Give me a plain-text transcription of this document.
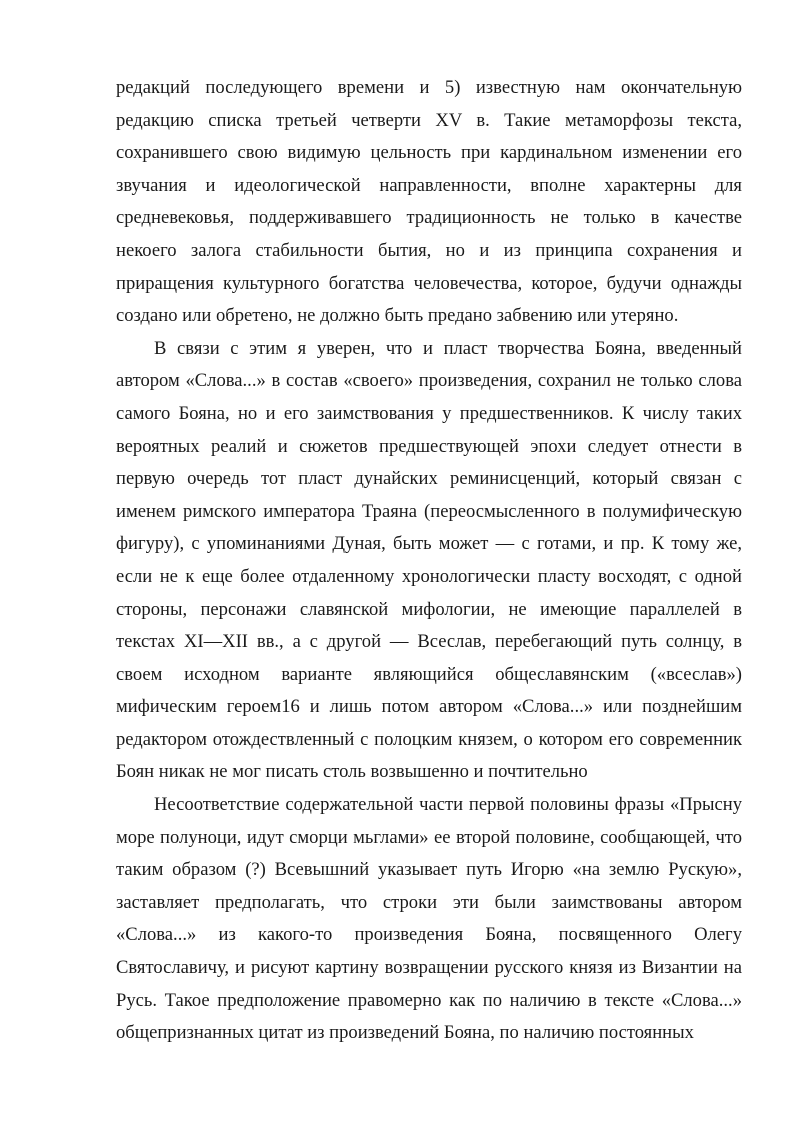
редакций последующего времени и 5) известную нам окончательную редакцию списка третьей четверти XV в. Такие метаморфозы текста, сохранившего свою видимую цельность при кардинальном изменении его звучания и идеологической направленности, вполне характерны для средневековья, поддерживавшего традиционность не только в качестве некоего залога стабильности бытия, но и из принципа сохранения и приращения культурного богатства человечества, которое, будучи однажды создано или обретено, не должно быть предано забвению или утеряно.

В связи с этим я уверен, что и пласт творчества Бояна, введенный автором «Слова...» в состав «своего» произведения, сохранил не только слова самого Бояна, но и его заимствования у предшественников. К числу таких вероятных реалий и сюжетов предшествующей эпохи следует отнести в первую очередь тот пласт дунайских реминисценций, который связан с именем римского императора Траяна (переосмысленного в полумифическую фигуру), с упоминаниями Дуная, быть может — с готами, и пр. К тому же, если не к еще более отдаленному хронологически пласту восходят, с одной стороны, персонажи славянской мифологии, не имеющие параллелей в текстах XI—XII вв., а с другой — Всеслав, перебегающий путь солнцу, в своем исходном варианте являющийся общеславянским («всеслав») мифическим героем16 и лишь потом автором «Слова...» или позднейшим редактором отождествленный с полоцким князем, о котором его современник Боян никак не мог писать столь возвышенно и почтительно

Несоответствие содержательной части первой половины фразы «Прысну море полуноци, идут сморци мьглами» ее второй половине, сообщающей, что таким образом (?) Всевышний указывает путь Игорю «на землю Рускую», заставляет предполагать, что строки эти были заимствованы автором «Слова...» из какого-то произведения Бояна, посвященного Олегу Святославичу, и рисуют картину возвращении русского князя из Византии на Русь. Такое предположение правомерно как по наличию в тексте «Слова...» общепризнанных цитат из произведений Бояна, по наличию постоянных
